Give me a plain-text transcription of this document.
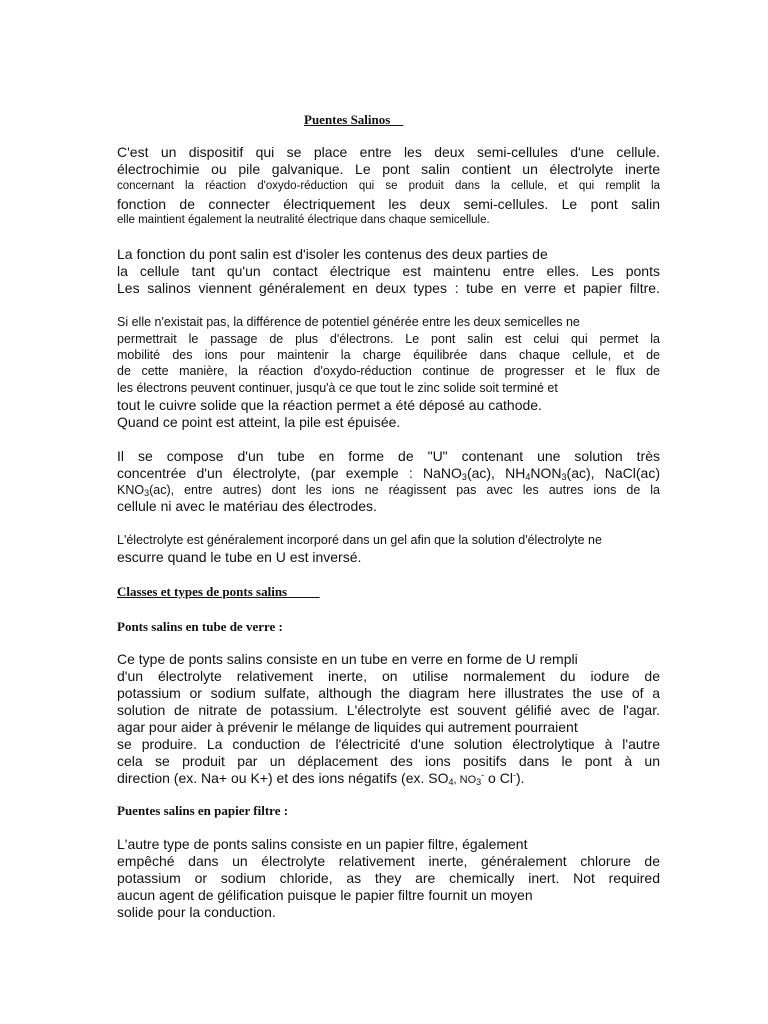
Puentes Salinos
C'est un dispositif qui se place entre les deux semi-cellules d'une cellule.
électrochimie ou pile galvanique. Le pont salin contient un électrolyte inerte
concernant la réaction d'oxydo-réduction qui se produit dans la cellule, et qui remplit la
fonction de connecter électriquement les deux semi-cellules. Le pont salin
elle maintient également la neutralité électrique dans chaque semicellule.
La fonction du pont salin est d'isoler les contenus des deux parties de
la cellule tant qu'un contact électrique est maintenu entre elles. Les ponts
Les salinos viennent généralement en deux types : tube en verre et papier filtre.
Si elle n'existait pas, la différence de potentiel générée entre les deux semicelles ne
permettrait le passage de plus d'électrons. Le pont salin est celui qui permet la
mobilité des ions pour maintenir la charge équilibrée dans chaque cellule, et de
de cette manière, la réaction d'oxydo-réduction continue de progresser et le flux de
les électrons peuvent continuer, jusqu'à ce que tout le zinc solide soit terminé et
tout le cuivre solide que la réaction permet a été déposé au cathode.
Quand ce point est atteint, la pile est épuisée.
Il se compose d'un tube en forme de "U" contenant une solution très
concentrée d'un électrolyte, (par exemple : NaNO$_3$(ac), $NH_4NON_3(ac)$, NaCl(ac)
$KNO_3(ac)$, entre autres) dont les ions ne réagissent pas avec les autres ions de la
cellule ni avec le matériau des électrodes.
L'électrolyte est généralement incorporé dans un gel afin que la solution d'électrolyte ne
escurre quand le tube en U est inversé.
Classes et types de ponts salins
Ponts salins en tube de verre :
Ce type de ponts salins consiste en un tube en verre en forme de U rempli
d'un électrolyte relativement inerte, on utilise normalement du iodure de
potassium or sodium sulfate, although the diagram here illustrates the use of a
solution de nitrate de potassium. L'électrolyte est souvent gélifié avec de l'agar.
agar pour aider à prévenir le mélange de liquides qui autrement pourraient
se produire. La conduction de l'électricité d'une solution électrolytique à l'autre
cela se produit par un déplacement des ions positifs dans le pont à un
direction (ex. Na+ ou K+) et des ions négatifs (ex. $SO_4$, $NO_3^-$ o Cl-).
Puentes salins en papier filtre :
L'autre type de ponts salins consiste en un papier filtre, également
empêché dans un électrolyte relativement inerte, généralement chlorure de
potassium or sodium chloride, as they are chemically inert. Not required
aucun agent de gélification puisque le papier filtre fournit un moyen
solide pour la conduction.
